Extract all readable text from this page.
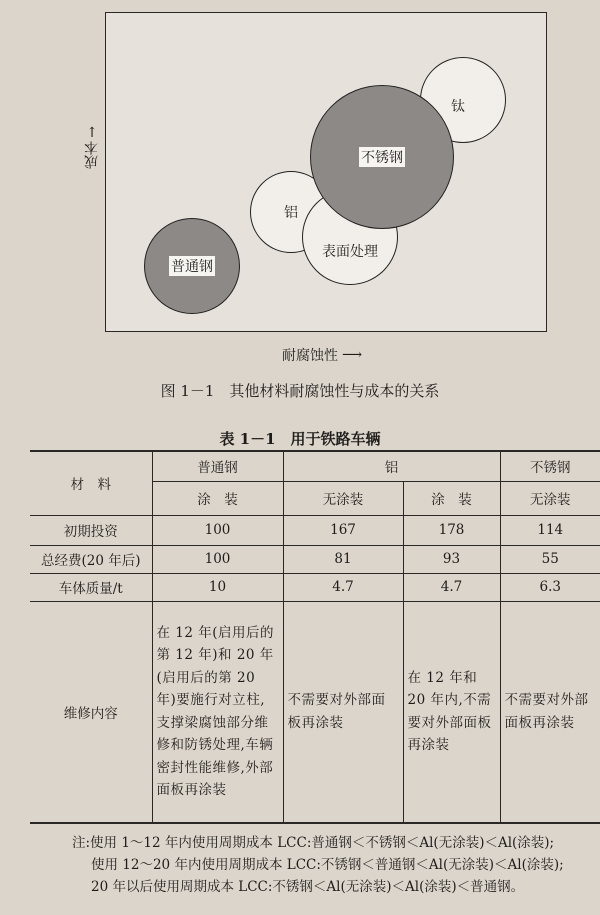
普通钢
铝
表面处理
钛
不锈钢
↑
成本
耐腐蚀性 ⟶
图 1－1　其他材料耐腐蚀性与成本的关系
表 1－1　用于铁路车辆
材　料	普通钢	铝		不锈钢
	涂　装	无涂装	涂　装	无涂装
初期投资	100	167	178	114
总经费(20 年后)	100	81	93	55
车体质量/t	10	4.7	4.7	6.3
维修内容	在 12 年(启用后的第 12 年)和 20 年(启用后的第 20 年)要施行对立柱,支撑梁腐蚀部分维修和防锈处理,车辆密封性能维修,外部面板再涂装	不需要对外部面板再涂装	在 12 年和 20 年内,不需要对外部面板再涂装	不需要对外部面板再涂装
注:使用 1～12 年内使用周期成本 LCC:普通钢＜不锈钢＜Al(无涂装)＜Al(涂装);
使用 12～20 年内使用周期成本 LCC:不锈钢＜普通钢＜Al(无涂装)＜Al(涂装);
20 年以后使用周期成本 LCC:不锈钢＜Al(无涂装)＜Al(涂装)＜普通钢。
